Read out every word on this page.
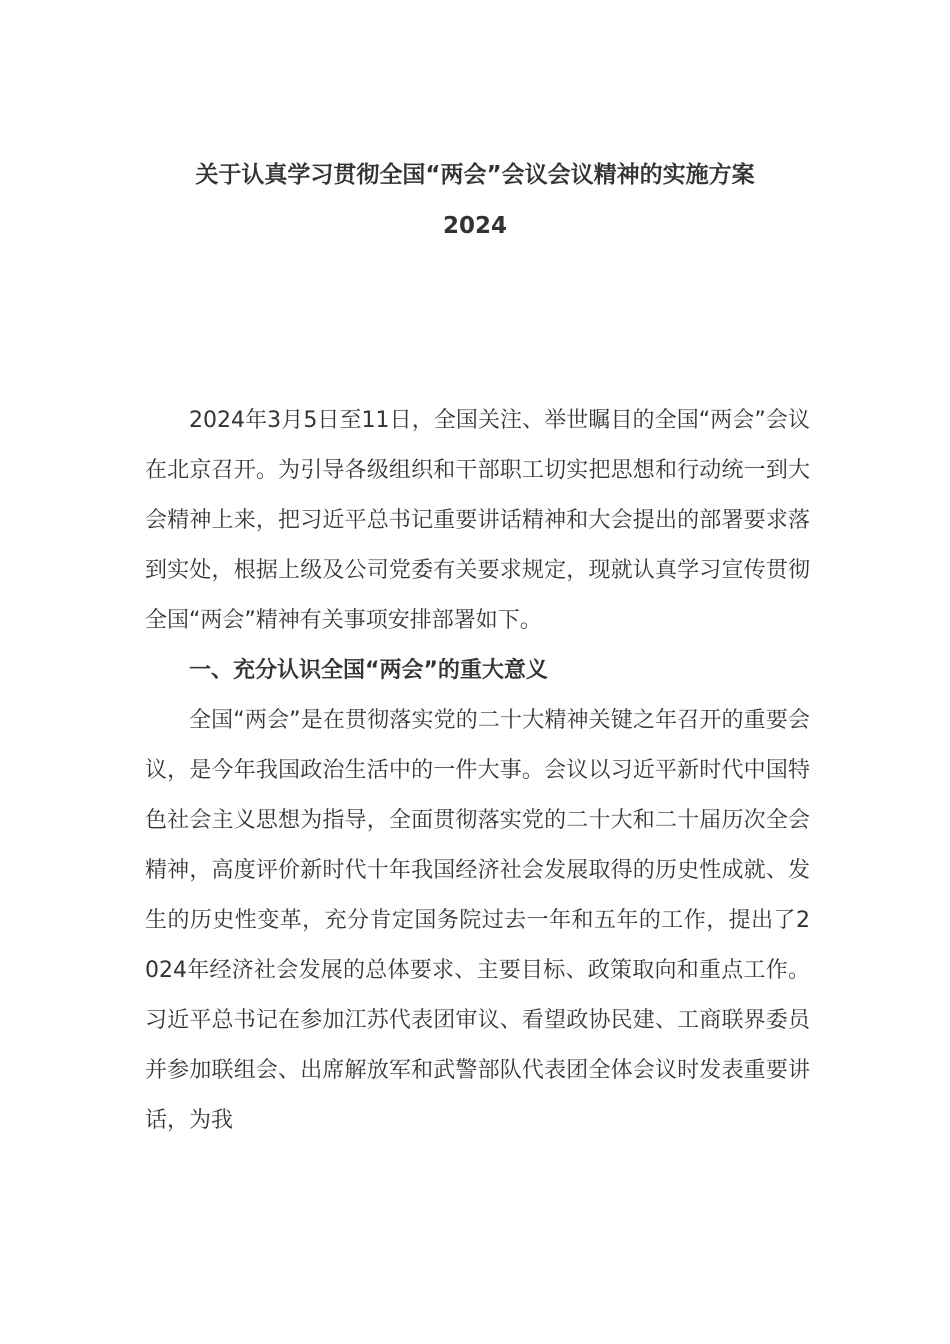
关于认真学习贯彻全国“两会”会议会议精神的实施方案
2024

2024年3月5日至11日，全国关注、举世瞩目的全国“两会”会议在北京召开。为引导各级组织和干部职工切实把思想和行动统一到大会精神上来，把习近平总书记重要讲话精神和大会提出的部署要求落到实处，根据上级及公司党委有关要求规定，现就认真学习宣传贯彻全国“两会”精神有关事项安排部署如下。

一、充分认识全国“两会”的重大意义

全国“两会”是在贯彻落实党的二十大精神关键之年召开的重要会议，是今年我国政治生活中的一件大事。会议以习近平新时代中国特色社会主义思想为指导，全面贯彻落实党的二十大和二十届历次全会精神，高度评价新时代十年我国经济社会发展取得的历史性成就、发生的历史性变革，充分肯定国务院过去一年和五年的工作，提出了2024年经济社会发展的总体要求、主要目标、政策取向和重点工作。习近平总书记在参加江苏代表团审议、看望政协民建、工商联界委员并参加联组会、出席解放军和武警部队代表团全体会议时发表重要讲话，为我
